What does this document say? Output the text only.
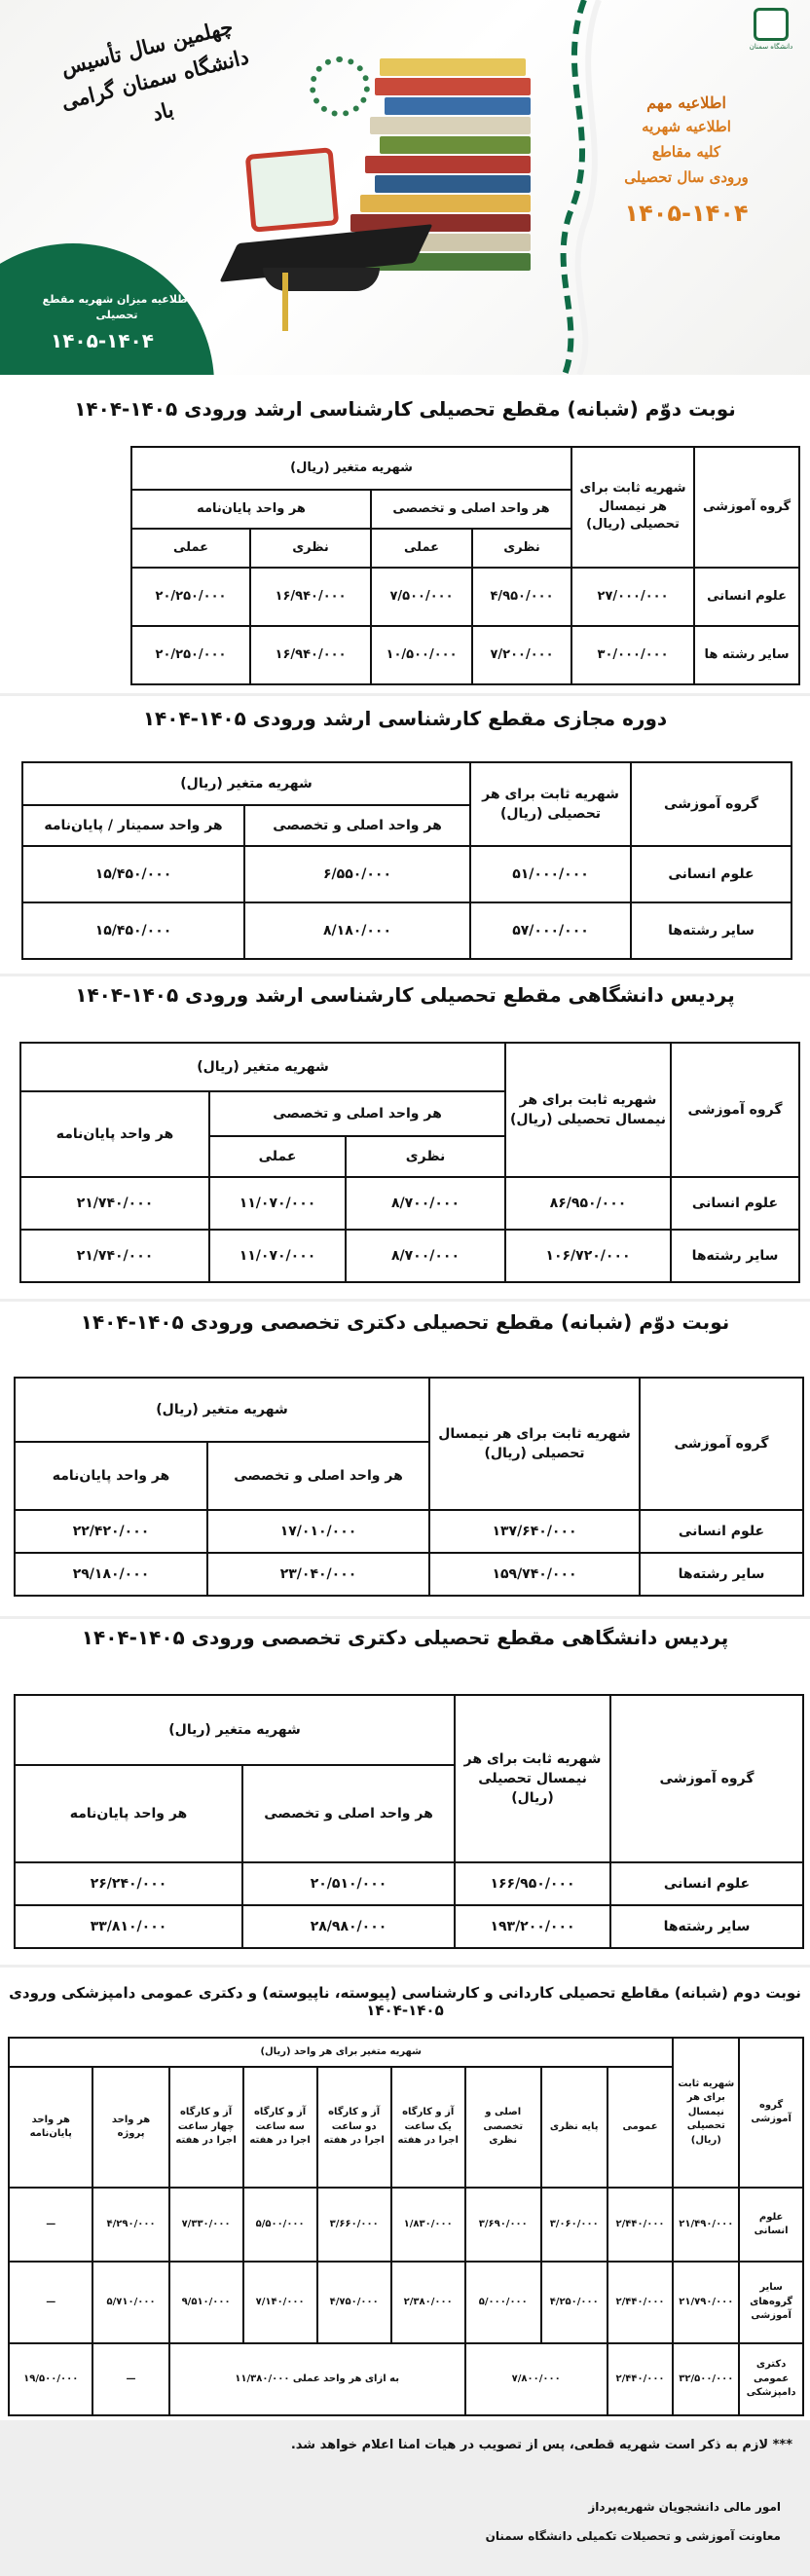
اطلاعیه میزان شهریه مقطع تحصیلی
۱۴۰۵-۱۴۰۴
چهلمین سال تأسیس دانشگاه سمنان گرامی باد	اطلاعیه مهم
اطلاعیه شهریه
کلیه مقاطع
ورودی سال تحصیلی
۱۴۰۵-۱۴۰۴
دانشگاه سمنان
نوبت دوّم (شبانه) مقطع تحصیلی کارشناسی ارشد ورودی ۱۴۰۵-۱۴۰۴
گروه آموزشی	شهریه ثابت برای هر نیمسال تحصیلی (ریال)	شهریه متغیر (ریال)			
		هر واحد اصلی و تخصصی		هر واحد پایان‌نامه	
		نظری	عملی	نظری	عملی
علوم انسانی	۲۷/۰۰۰/۰۰۰	۴/۹۵۰/۰۰۰	۷/۵۰۰/۰۰۰	۱۶/۹۴۰/۰۰۰	۲۰/۲۵۰/۰۰۰
سایر رشته ها	۳۰/۰۰۰/۰۰۰	۷/۲۰۰/۰۰۰	۱۰/۵۰۰/۰۰۰	۱۶/۹۴۰/۰۰۰	۲۰/۲۵۰/۰۰۰
دوره مجازی مقطع کارشناسی ارشد ورودی ۱۴۰۵-۱۴۰۴
گروه آموزشی	شهریه ثابت برای هر تحصیلی (ریال)	شهریه متغیر (ریال)	
		هر واحد اصلی و تخصصی	هر واحد سمینار / پایان‌نامه
علوم انسانی	۵۱/۰۰۰/۰۰۰	۶/۵۵۰/۰۰۰	۱۵/۴۵۰/۰۰۰
سایر رشته‌ها	۵۷/۰۰۰/۰۰۰	۸/۱۸۰/۰۰۰	۱۵/۴۵۰/۰۰۰
پردیس دانشگاهی مقطع تحصیلی کارشناسی ارشد ورودی ۱۴۰۵-۱۴۰۴
گروه آموزشی	شهریه ثابت برای هر نیمسال تحصیلی (ریال)	شهریه متغیر (ریال)		
		هر واحد اصلی و تخصصی		هر واحد پایان‌نامه
		نظری	عملی	
علوم انسانی	۸۶/۹۵۰/۰۰۰	۸/۷۰۰/۰۰۰	۱۱/۰۷۰/۰۰۰	۲۱/۷۴۰/۰۰۰
سایر رشته‌ها	۱۰۶/۷۲۰/۰۰۰	۸/۷۰۰/۰۰۰	۱۱/۰۷۰/۰۰۰	۲۱/۷۴۰/۰۰۰
نوبت دوّم (شبانه) مقطع تحصیلی دکتری تخصصی ورودی ۱۴۰۵-۱۴۰۴
گروه آموزشی	شهریه ثابت برای هر نیمسال تحصیلی (ریال)	شهریه متغیر (ریال)	
		هر واحد اصلی و تخصصی	هر واحد پایان‌نامه
علوم انسانی	۱۳۷/۶۴۰/۰۰۰	۱۷/۰۱۰/۰۰۰	۲۲/۴۲۰/۰۰۰
سایر رشته‌ها	۱۵۹/۷۴۰/۰۰۰	۲۳/۰۴۰/۰۰۰	۲۹/۱۸۰/۰۰۰
پردیس دانشگاهی مقطع تحصیلی دکتری تخصصی ورودی ۱۴۰۵-۱۴۰۴
گروه آموزشی	شهریه ثابت برای هر نیمسال تحصیلی (ریال)	شهریه متغیر (ریال)	
		هر واحد اصلی و تخصصی	هر واحد پایان‌نامه
علوم انسانی	۱۶۶/۹۵۰/۰۰۰	۲۰/۵۱۰/۰۰۰	۲۶/۲۴۰/۰۰۰
سایر رشته‌ها	۱۹۳/۲۰۰/۰۰۰	۲۸/۹۸۰/۰۰۰	۳۳/۸۱۰/۰۰۰
نوبت دوم (شبانه) مقاطع تحصیلی کاردانی و کارشناسی (پیوسته، ناپیوسته) و دکتری عمومی دامپزشکی ورودی ۱۴۰۵-۱۴۰۴
گروه آموزشی	شهریه ثابت برای هر نیمسال تحصیلی (ریال)	شهریه متغیر برای هر واحد (ریال)								
		عمومی	پایه نظری	اصلی و تخصصی نظری	آز و کارگاه یک ساعت اجرا در هفته	آز و کارگاه دو ساعت اجرا در هفته	آز و کارگاه سه ساعت اجرا در هفته	آز و کارگاه چهار ساعت اجرا در هفته	هر واحد پروژه	هر واحد پایان‌نامه
علوم انسانی	۲۱/۴۹۰/۰۰۰	۲/۴۴۰/۰۰۰	۳/۰۶۰/۰۰۰	۳/۶۹۰/۰۰۰	۱/۸۳۰/۰۰۰	۳/۶۶۰/۰۰۰	۵/۵۰۰/۰۰۰	۷/۳۳۰/۰۰۰	۴/۲۹۰/۰۰۰	—
سایر گروه‌های آموزشی	۲۱/۷۹۰/۰۰۰	۲/۴۴۰/۰۰۰	۴/۲۵۰/۰۰۰	۵/۰۰۰/۰۰۰	۲/۳۸۰/۰۰۰	۴/۷۵۰/۰۰۰	۷/۱۴۰/۰۰۰	۹/۵۱۰/۰۰۰	۵/۷۱۰/۰۰۰	—
دکتری عمومی دامپزشکی	۳۲/۵۰۰/۰۰۰	۲/۴۴۰/۰۰۰	۷/۸۰۰/۰۰۰		به ازای هر واحد عملی ۱۱/۳۸۰/۰۰۰				—	۱۹/۵۰۰/۰۰۰
*** لازم به ذکر است شهریه قطعی، پس از تصویب در هیات امنا اعلام خواهد شد.
امور مالی دانشجویان شهریه‌پرداز
معاونت آموزشی و تحصیلات تکمیلی دانشگاه سمنان
